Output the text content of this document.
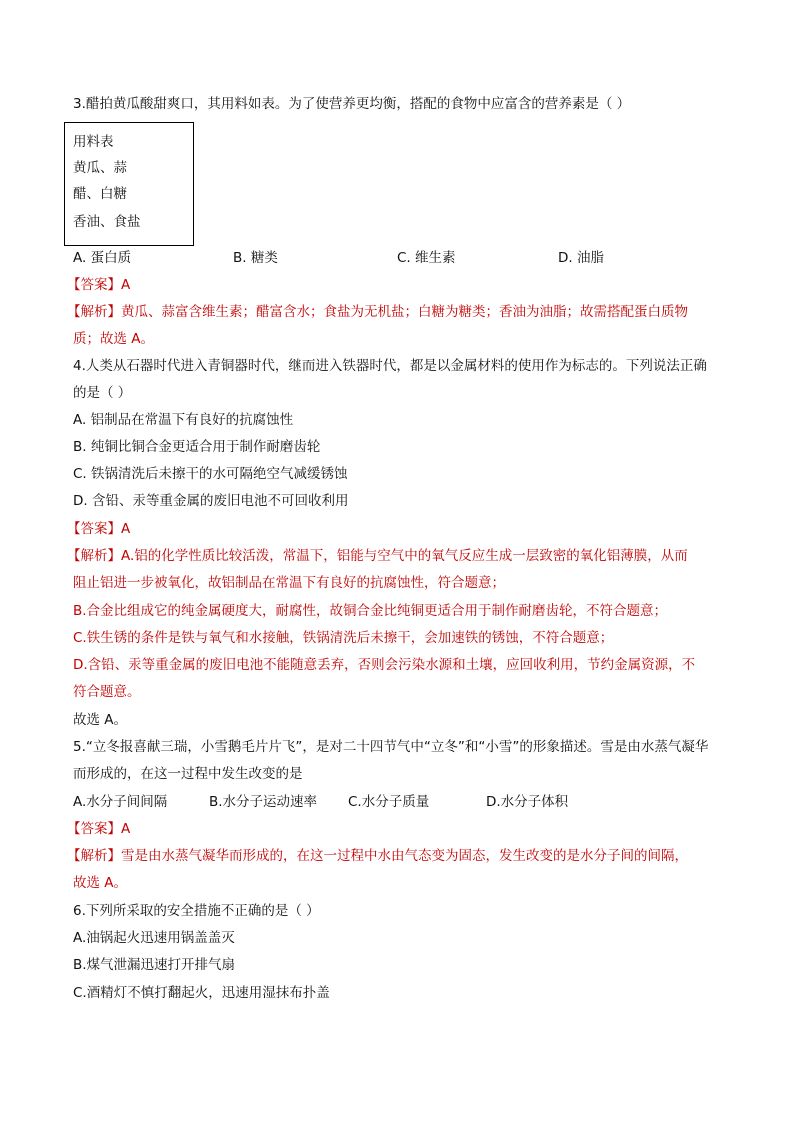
3.醋拍黄瓜酸甜爽口，其用料如表。为了使营养更均衡，搭配的食物中应富含的营养素是（ ）
用料表
黄瓜、蒜
醋、白糖
香油、食盐
A. 蛋白质	B. 糖类	C. 维生素	D. 油脂
【答案】A
【解析】黄瓜、蒜富含维生素；醋富含水；食盐为无机盐；白糖为糖类；香油为油脂；故需搭配蛋白质物
质；故选 A。
4.人类从石器时代进入青铜器时代，继而进入铁器时代，都是以金属材料的使用作为标志的。下列说法正确
的是（ ）
A. 铝制品在常温下有良好的抗腐蚀性
B. 纯铜比铜合金更适合用于制作耐磨齿轮
C. 铁锅清洗后未擦干的水可隔绝空气减缓锈蚀
D. 含铅、汞等重金属的废旧电池不可回收利用
【答案】A
【解析】A.铝的化学性质比较活泼，常温下，铝能与空气中的氧气反应生成一层致密的氧化铝薄膜，从而
阻止铝进一步被氧化，故铝制品在常温下有良好的抗腐蚀性，符合题意；
B.合金比组成它的纯金属硬度大，耐腐性，故铜合金比纯铜更适合用于制作耐磨齿轮，不符合题意；
C.铁生锈的条件是铁与氧气和水接触，铁锅清洗后未擦干，会加速铁的锈蚀，不符合题意；
D.含铅、汞等重金属的废旧电池不能随意丢弃，否则会污染水源和土壤，应回收利用，节约金属资源，不
符合题意。
故选 A。
5.“立冬报喜献三瑞，小雪鹅毛片片飞”，是对二十四节气中“立冬”和“小雪”的形象描述。雪是由水蒸气凝华
而形成的，在这一过程中发生改变的是
A.水分子间间隔	B.水分子运动速率 C.水分子质量	D.水分子体积
【答案】A
【解析】雪是由水蒸气凝华而形成的，在这一过程中水由气态变为固态，发生改变的是水分子间的间隔，
故选 A。
6.下列所采取的安全措施不正确的是（ ）
A.油锅起火迅速用锅盖盖灭
B.煤气泄漏迅速打开排气扇
C.酒精灯不慎打翻起火，迅速用湿抹布扑盖
